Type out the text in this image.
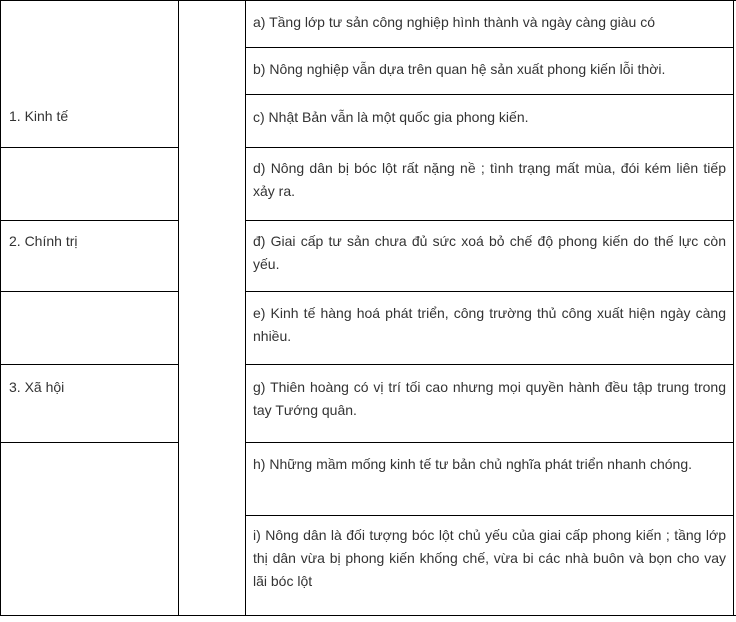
1. Kinh tế
2. Chính trị
3. Xã hội
a) Tầng lớp tư sản công nghiệp hình thành và ngày càng giàu có
b) Nông nghiệp vẫn dựa trên quan hệ sản xuất phong kiến lỗi thời.
c) Nhật Bản vẫn là một quốc gia phong kiến.
d) Nông dân bị bóc lột rất nặng nề ; tình trạng mất mùa, đói kém liên tiếp xảy ra.
đ) Giai cấp tư sản chưa đủ sức xoá bỏ chế độ phong kiến do thế lực còn yếu.
e) Kinh tế hàng hoá phát triển, công trường thủ công xuất hiện ngày càng nhiều.
g) Thiên hoàng có vị trí tối cao nhưng mọi quyền hành đều tập trung trong tay Tướng quân.
h) Những mầm mống kinh tế tư bản chủ nghĩa phát triển nhanh chóng.
i) Nông dân là đối tượng bóc lột chủ yếu của giai cấp phong kiến ; tầng lớp thị dân vừa bị phong kiến khống chế, vừa bi các nhà buôn và bọn cho vay lãi bóc lột
